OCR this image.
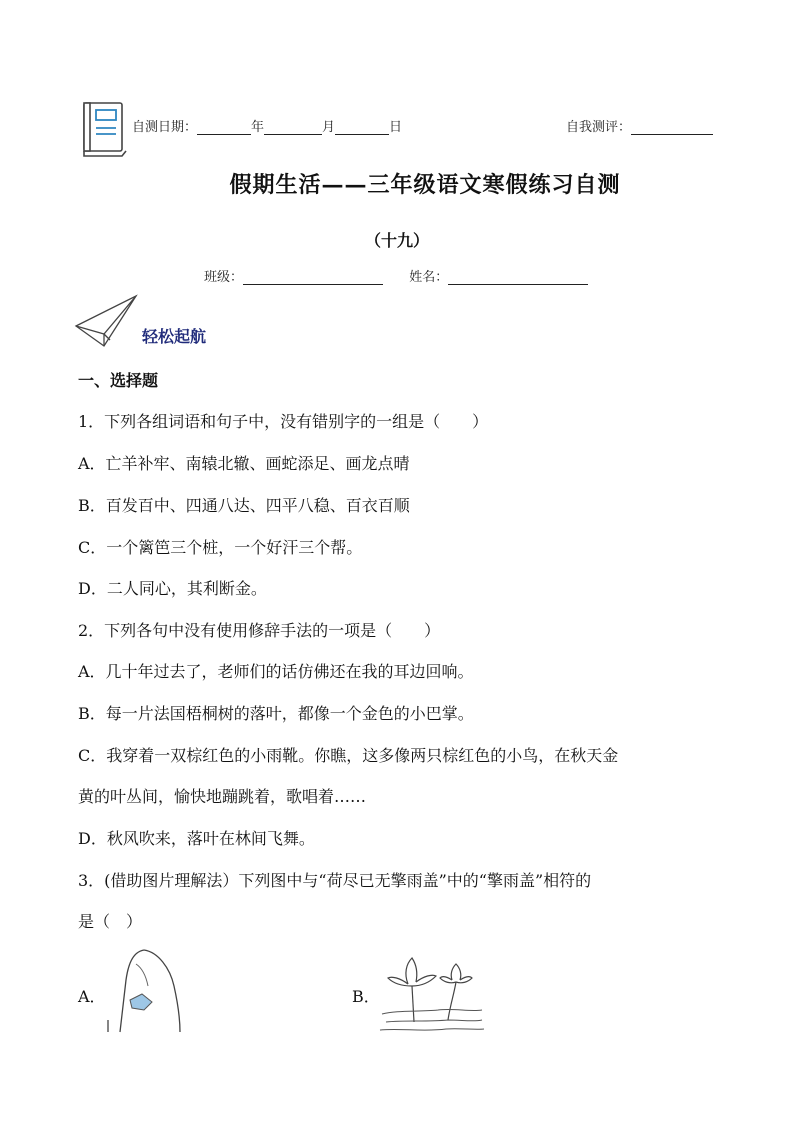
自测日期：	年	月	日	自我测评：
假期生活——三年级语文寒假练习自测
（十九）
班级：	姓名：
轻松起航
一、选择题
1．下列各组词语和句子中，没有错别字的一组是（　　）
A．亡羊补牢、南辕北辙、画蛇添足、画龙点晴
B．百发百中、四通八达、四平八稳、百衣百顺
C．一个篱笆三个桩，一个好汗三个帮。
D．二人同心，其利断金。
2．下列各句中没有使用修辞手法的一项是（　　）
A．几十年过去了，老师们的话仿佛还在我的耳边回响。
B．每一片法国梧桐树的落叶，都像一个金色的小巴掌。
C．我穿着一双棕红色的小雨靴。你瞧，这多像两只棕红色的小鸟，在秋天金
黄的叶丛间，愉快地蹦跳着，歌唱着……
D．秋风吹来，落叶在林间飞舞。
3．(借助图片理解法）下列图中与“荷尽已无擎雨盖”中的“擎雨盖”相符的
是（　）
A．	B．
